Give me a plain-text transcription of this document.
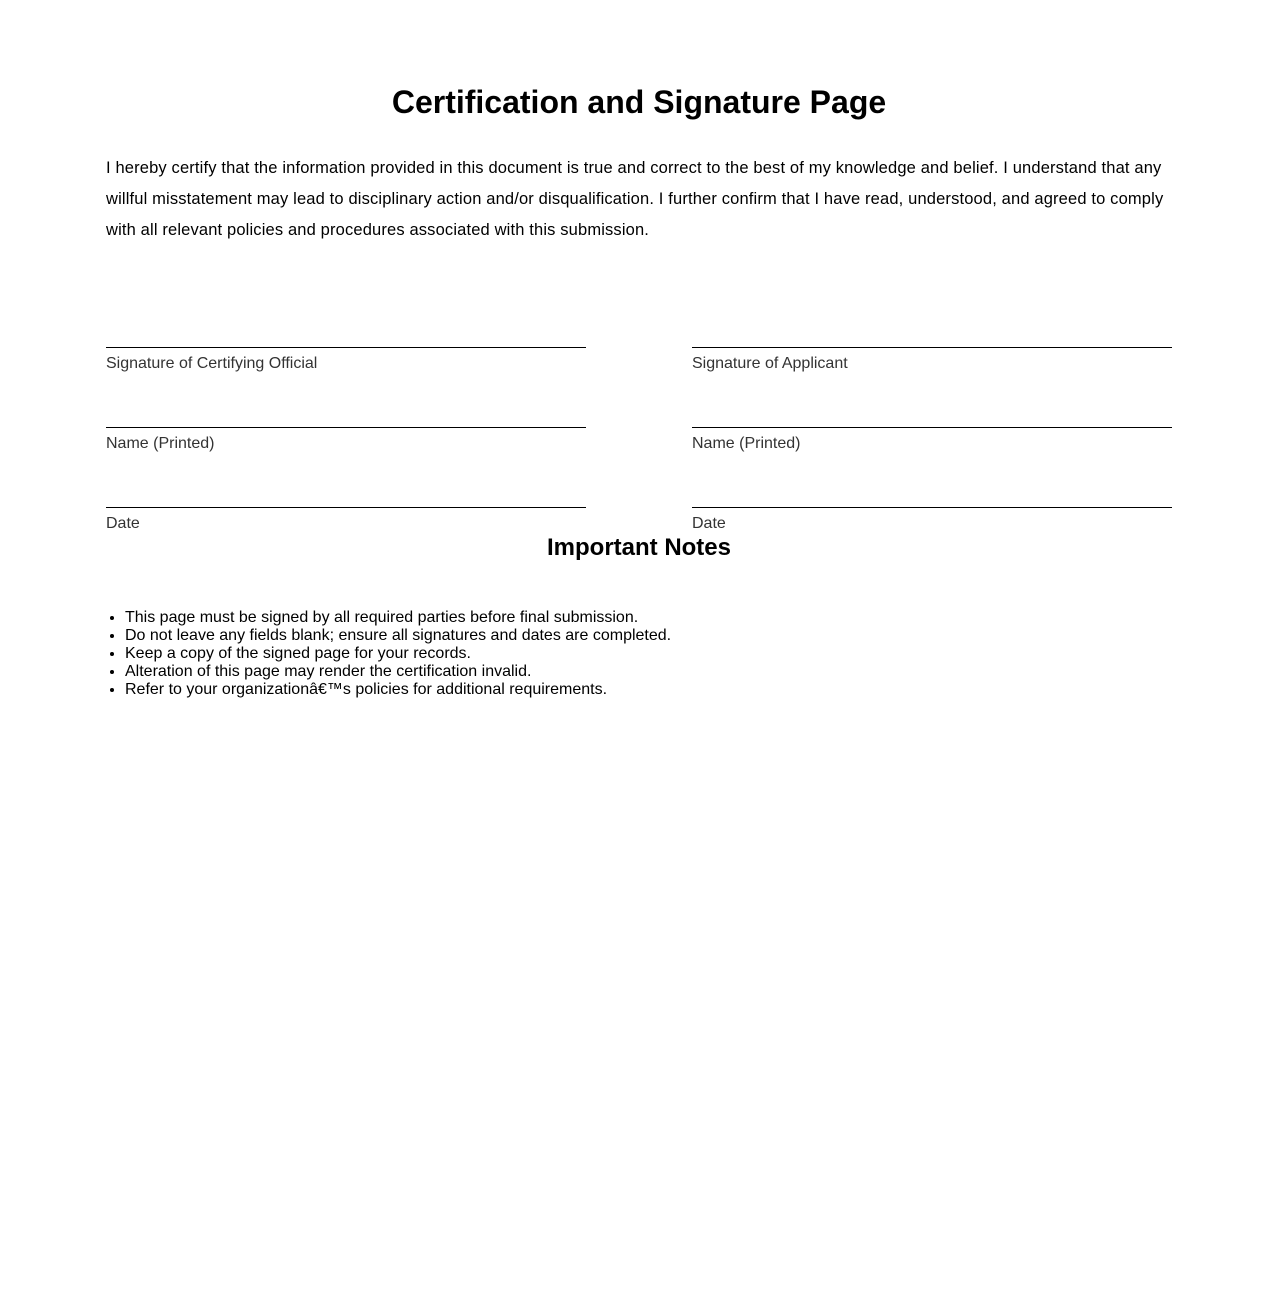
Certification and Signature Page

I hereby certify that the information provided in this document is true and correct to the best of my knowledge and belief. I understand that any willful misstatement may lead to disciplinary action and/or disqualification. I further confirm that I have read, understood, and agreed to comply with all relevant policies and procedures associated with this submission.

Signature of Certifying Official
Name (Printed)
Date
Signature of Applicant
Name (Printed)
Date
Important Notes
• This page must be signed by all required parties before final submission.
• Do not leave any fields blank; ensure all signatures and dates are completed.
• Keep a copy of the signed page for your records.
• Alteration of this page may render the certification invalid.
• Refer to your organizationâ€™s policies for additional requirements.
